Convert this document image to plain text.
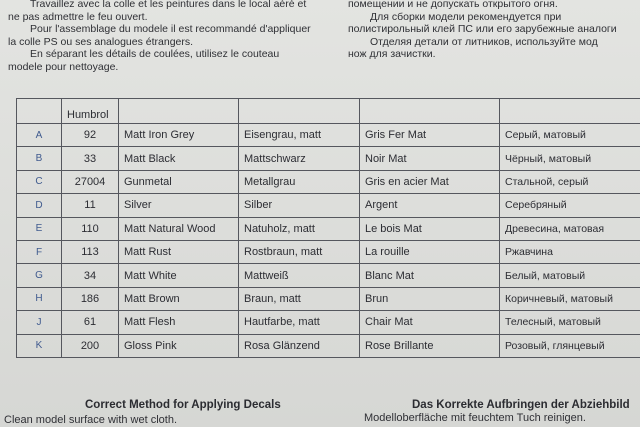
Travaillez avec la colle et les peintures dans le local aéré et
ne pas admettre le feu ouvert.
Pour l'assemblage du modele il est recommandé d'appliquer
la colle PS ou ses analogues étrangers.
En séparant les détails de coulées, utilisez le couteau
modele pour nettoyage.
помещении и не допускать открытого огня.
Для сборки модели рекомендуется при
полистирольный клей ПС или его зарубежные аналоги
Отделяя детали от литников, используйте мод
нож для зачистки.
	Humbrol				
A	92	Matt Iron Grey	Eisengrau, matt	Gris Fer Mat	Серый, матовый
B	33	Matt Black	Mattschwarz	Noir Mat	Чёрный, матовый
C	27004	Gunmetal	Metallgrau	Gris en acier Mat	Стальной, серый
D	11	Silver	Silber	Argent	Серебряный
E	110	Matt Natural Wood	Natuholz, matt	Le bois Mat	Древесина, матовая
F	113	Matt Rust	Rostbraun, matt	La rouille	Ржавчина
G	34	Matt White	Mattweiß	Blanc Mat	Белый, матовый
H	186	Matt Brown	Braun, matt	Brun	Коричневый, матовый
J	61	Matt Flesh	Hautfarbe, matt	Chair Mat	Телесный, матовый
K	200	Gloss Pink	Rosa Glänzend	Rose Brillante	Розовый, глянцевый
Correct Method for Applying Decals
Clean model surface with wet cloth.
Das Korrekte Aufbringen der Abziehbild
Modelloberfläche mit feuchtem Tuch reinigen.
